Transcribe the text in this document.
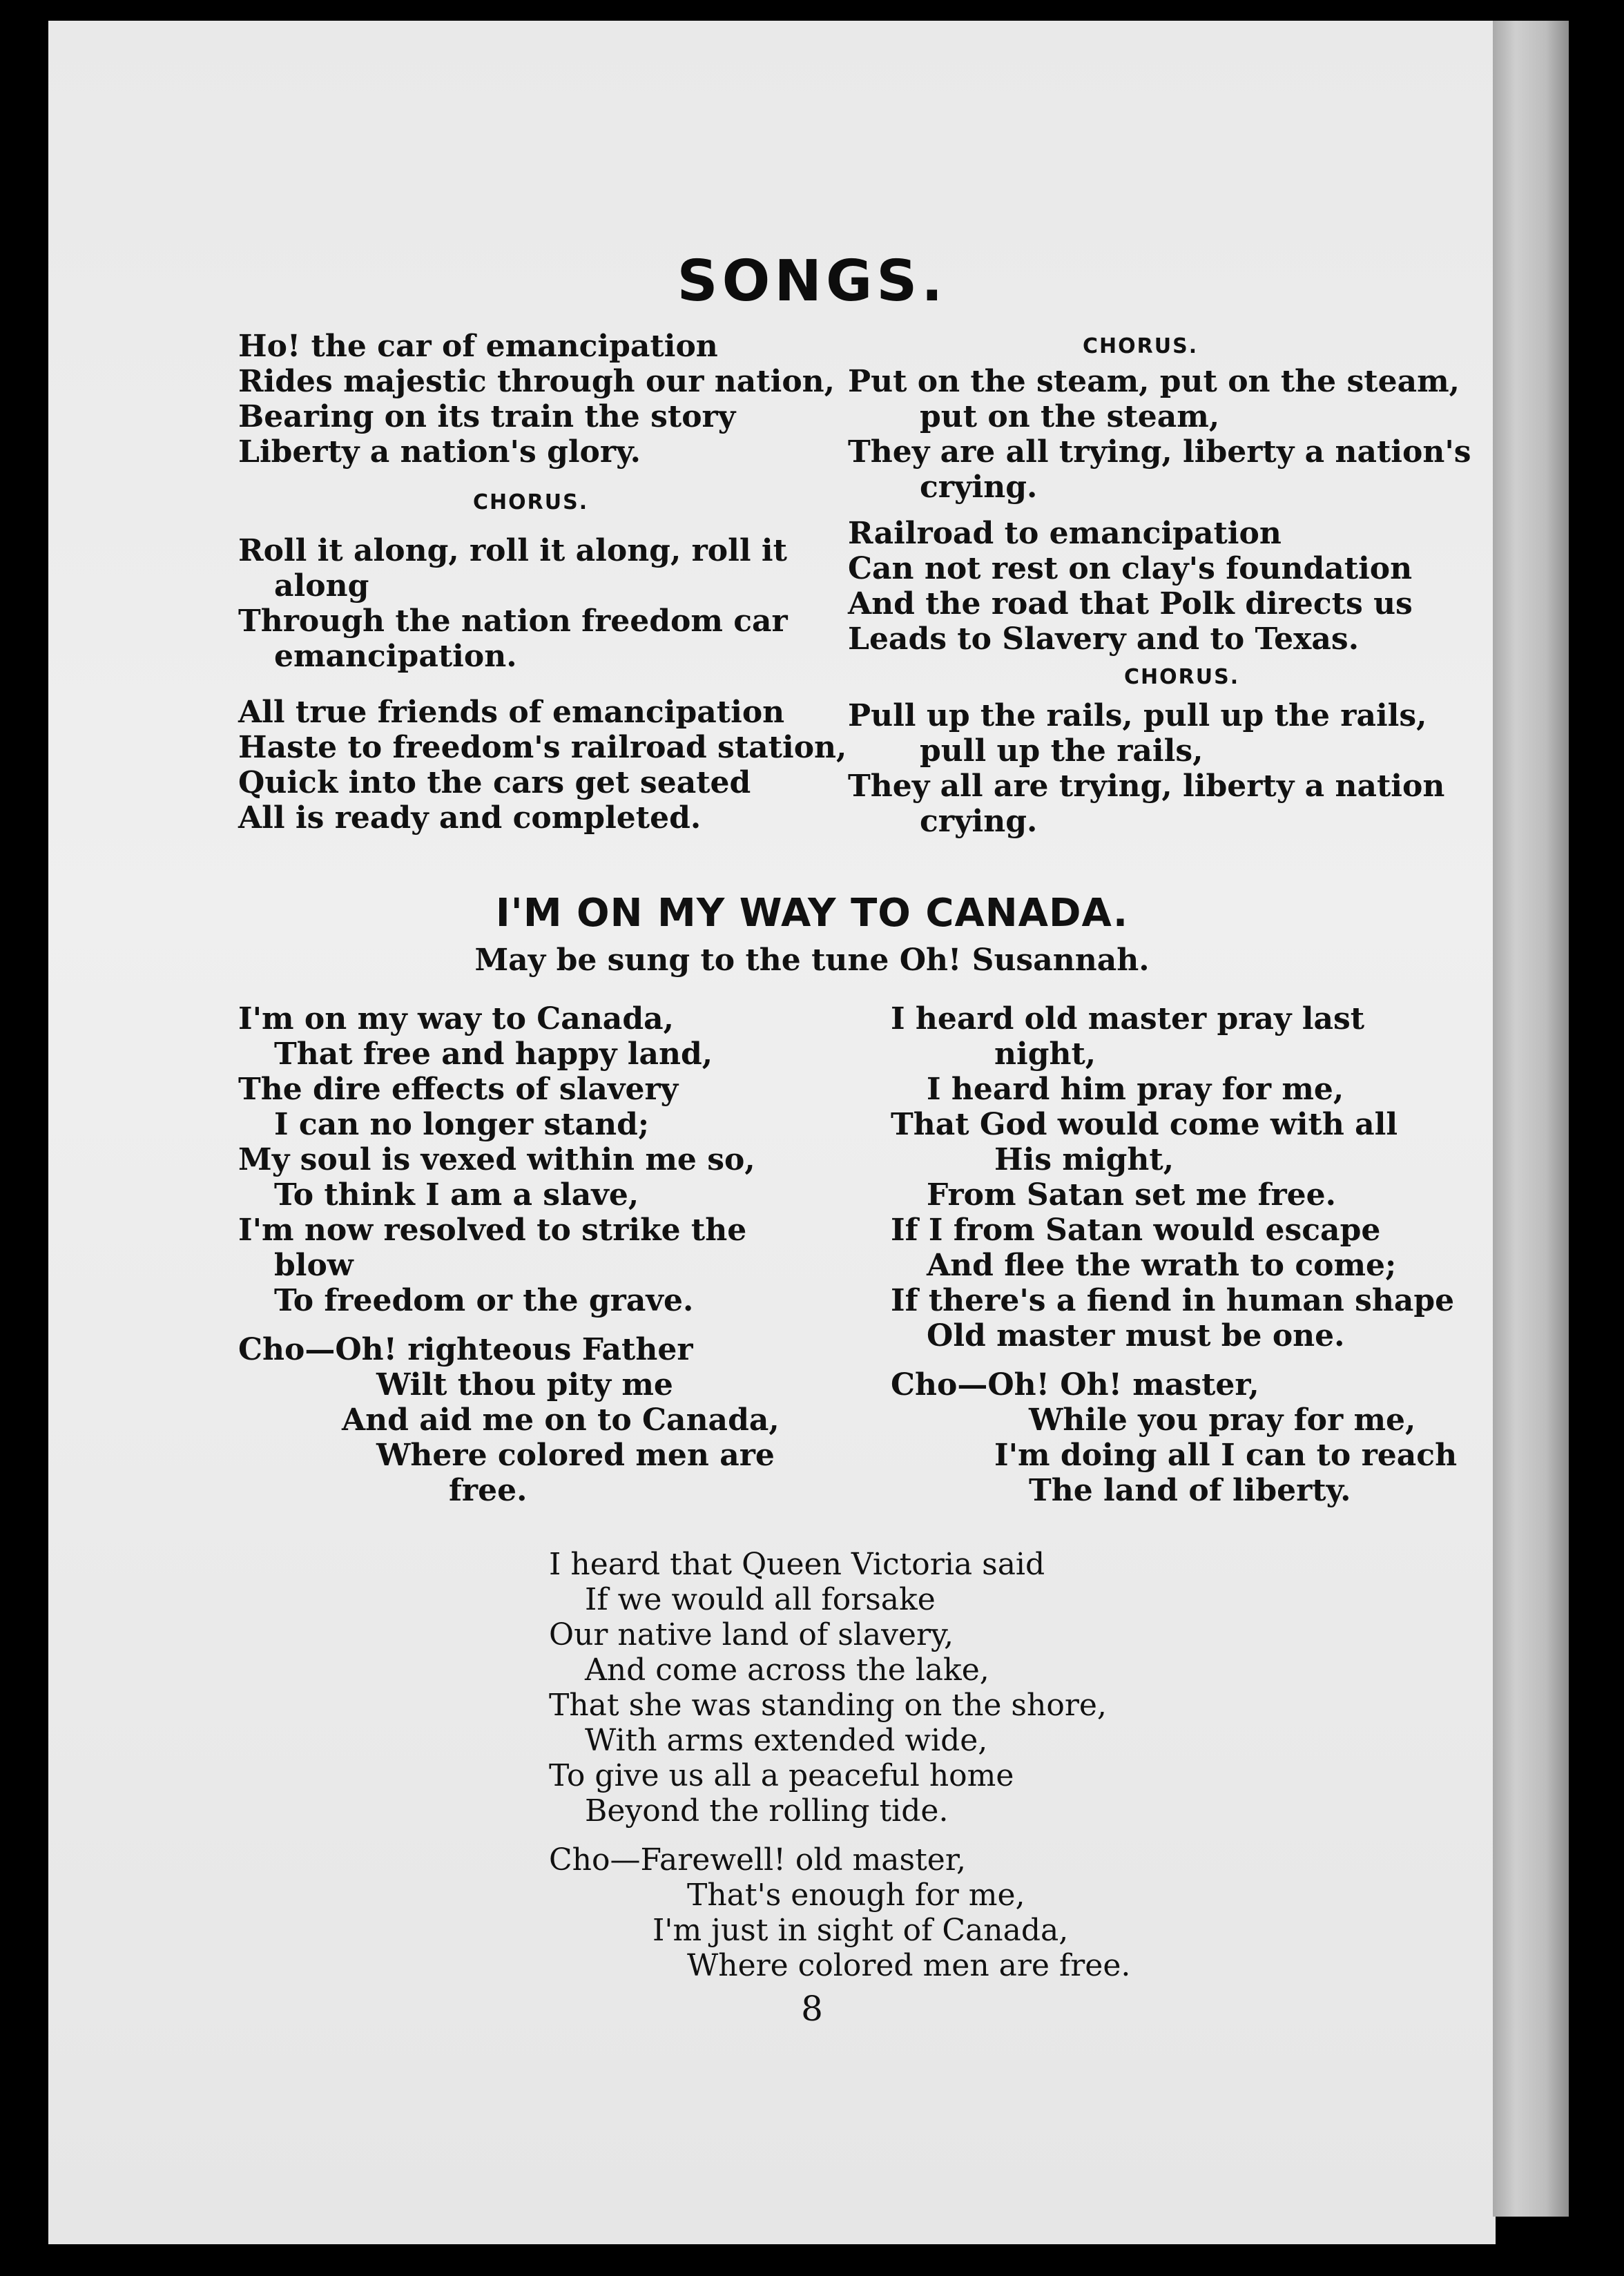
SONGS.
Ho! the car of emancipation
Rides majestic through our nation,
Bearing on its train the story
Liberty a nation's glory.
CHORUS.
Roll it along, roll it along, roll it
along
Through the nation freedom car
emancipation.
All true friends of emancipation
Haste to freedom's railroad station,
Quick into the cars get seated
All is ready and completed.
CHORUS.
Put on the steam, put on the steam,
put on the steam,
They are all trying, liberty a nation's
crying.
Railroad to emancipation
Can not rest on clay's foundation
And the road that Polk directs us
Leads to Slavery and to Texas.
CHORUS.
Pull up the rails, pull up the rails,
pull up the rails,
They all are trying, liberty a nation
crying.
I'M ON MY WAY TO CANADA.
May be sung to the tune Oh! Susannah.
I'm on my way to Canada,
That free and happy land,
The dire effects of slavery
I can no longer stand;
My soul is vexed within me so,
To think I am a slave,
I'm now resolved to strike the
blow
To freedom or the grave.
Cho—Oh! righteous Father
Wilt thou pity me
And aid me on to Canada,
Where colored men are
free.
I heard old master pray last
night,
I heard him pray for me,
That God would come with all
His might,
From Satan set me free.
If I from Satan would escape
And flee the wrath to come;
If there's a fiend in human shape
Old master must be one.
Cho—Oh! Oh! master,
While you pray for me,
I'm doing all I can to reach
The land of liberty.
I heard that Queen Victoria said
If we would all forsake
Our native land of slavery,
And come across the lake,
That she was standing on the shore,
With arms extended wide,
To give us all a peaceful home
Beyond the rolling tide.
Cho—Farewell! old master,
That's enough for me,
I'm just in sight of Canada,
Where colored men are free.
8
